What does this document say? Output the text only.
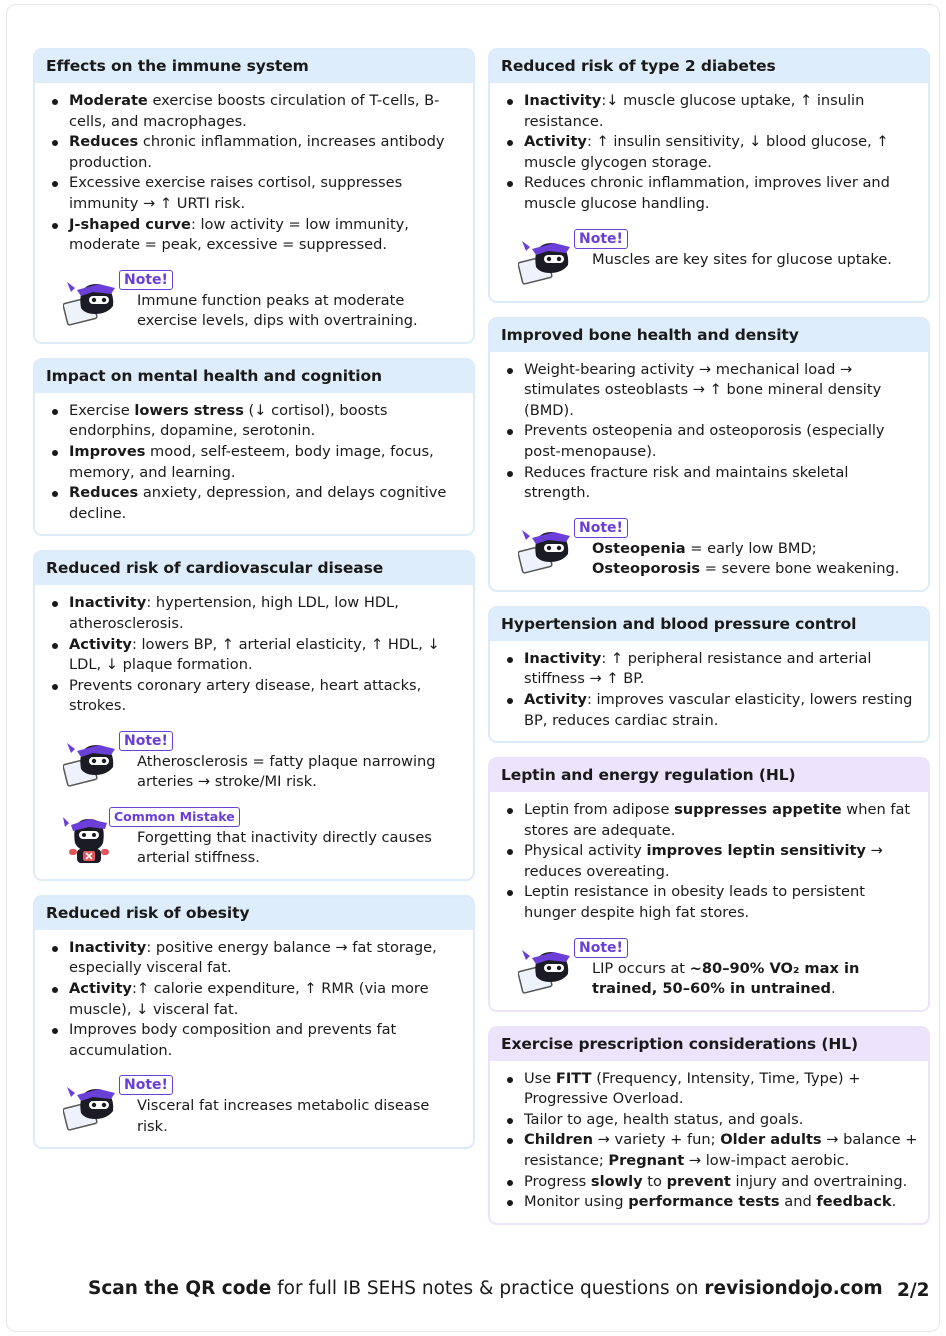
Effects on the immune system
Moderate exercise boosts circulation of T-cells, B-cells, and macrophages.
Reduces chronic inflammation, increases antibody production.
Excessive exercise raises cortisol, suppresses immunity → ↑ URTI risk.
J-shaped curve: low activity = low immunity, moderate = peak, excessive = suppressed.
Note!
Immune function peaks at moderate exercise levels, dips with overtraining.
Impact on mental health and cognition
Exercise lowers stress (↓ cortisol), boosts endorphins, dopamine, serotonin.
Improves mood, self-esteem, body image, focus, memory, and learning.
Reduces anxiety, depression, and delays cognitive decline.
Reduced risk of cardiovascular disease
Inactivity: hypertension, high LDL, low HDL, atherosclerosis.
Activity: lowers BP, ↑ arterial elasticity, ↑ HDL, ↓ LDL, ↓ plaque formation.
Prevents coronary artery disease, heart attacks, strokes.
Note!
Atherosclerosis = fatty plaque narrowing arteries → stroke/MI risk.
Common Mistake
Forgetting that inactivity directly causes arterial stiffness.
Reduced risk of obesity
Inactivity: positive energy balance → fat storage, especially visceral fat.
Activity:↑ calorie expenditure, ↑ RMR (via more muscle), ↓ visceral fat.
Improves body composition and prevents fat accumulation.
Note!
Visceral fat increases metabolic disease risk.
Reduced risk of type 2 diabetes
Inactivity:↓ muscle glucose uptake, ↑ insulin resistance.
Activity: ↑ insulin sensitivity, ↓ blood glucose, ↑ muscle glycogen storage.
Reduces chronic inflammation, improves liver and muscle glucose handling.
Note!
Muscles are key sites for glucose uptake.
Improved bone health and density
Weight-bearing activity → mechanical load → stimulates osteoblasts → ↑ bone mineral density (BMD).
Prevents osteopenia and osteoporosis (especially post-menopause).
Reduces fracture risk and maintains skeletal strength.
Note!
Osteopenia = early low BMD;
Osteoporosis = severe bone weakening.
Hypertension and blood pressure control
Inactivity: ↑ peripheral resistance and arterial stiffness → ↑ BP.
Activity: improves vascular elasticity, lowers resting BP, reduces cardiac strain.
Leptin and energy regulation (HL)
Leptin from adipose suppresses appetite when fat stores are adequate.
Physical activity improves leptin sensitivity → reduces overeating.
Leptin resistance in obesity leads to persistent hunger despite high fat stores.
Note!
LIP occurs at ~80–90% VO₂ max in trained, 50–60% in untrained.
Exercise prescription considerations (HL)
Use FITT (Frequency, Intensity, Time, Type) + Progressive Overload.
Tailor to age, health status, and goals.
Children → variety + fun; Older adults → balance + resistance; Pregnant → low-impact aerobic.
Progress slowly to prevent injury and overtraining.
Monitor using performance tests and feedback.
Scan the QR code for full IB SEHS notes & practice questions on revisiondojo.com 2/2
